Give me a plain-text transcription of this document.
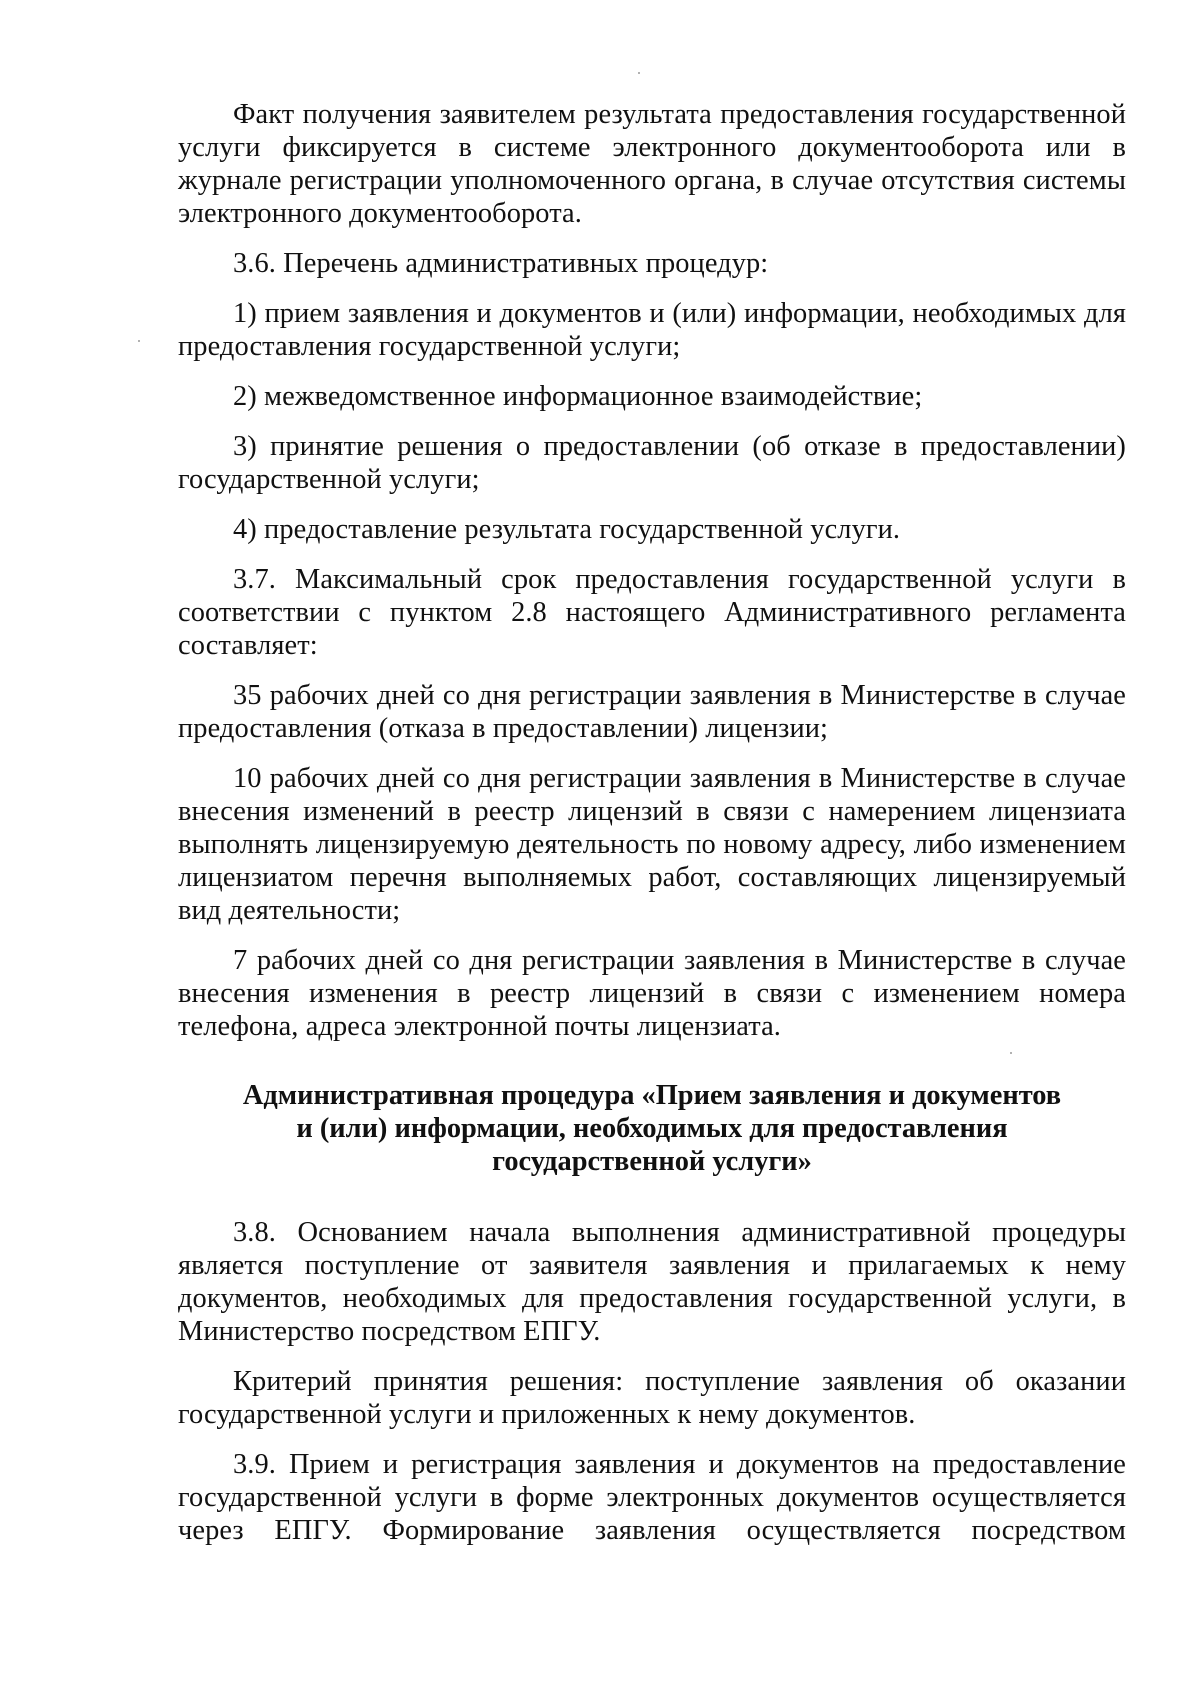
Факт получения заявителем результата предоставления государственной услуги фиксируется в системе электронного документооборота или в журнале регистрации уполномоченного органа, в случае отсутствия системы электронного документооборота.

3.6. Перечень административных процедур:

1) прием заявления и документов и (или) информации, необходимых для предоставления государственной услуги;

2) межведомственное информационное взаимодействие;

3) принятие решения о предоставлении (об отказе в предоставлении) государственной услуги;

4) предоставление результата государственной услуги.

3.7. Максимальный срок предоставления государственной услуги в соответствии с пунктом 2.8 настоящего Административного регламента составляет:

35 рабочих дней со дня регистрации заявления в Министерстве в случае предоставления (отказа в предоставлении) лицензии;

10 рабочих дней со дня регистрации заявления в Министерстве в случае внесения изменений в реестр лицензий в связи с намерением лицензиата выполнять лицензируемую деятельность по новому адресу, либо изменением лицензиатом перечня выполняемых работ, составляющих лицензируемый вид деятельности;

7 рабочих дней со дня регистрации заявления в Министерстве в случае внесения изменения в реестр лицензий в связи с изменением номера телефона, адреса электронной почты лицензиата.

Административная процедура «Прием заявления и документов
и (или) информации, необходимых для предоставления
государственной услуги»

3.8. Основанием начала выполнения административной процедуры является поступление от заявителя заявления и прилагаемых к нему документов, необходимых для предоставления государственной услуги, в Министерство посредством ЕПГУ.

Критерий принятия решения: поступление заявления об оказании государственной услуги и приложенных к нему документов.

3.9. Прием и регистрация заявления и документов на предоставление государственной услуги в форме электронных документов осуществляется через ЕПГУ. Формирование заявления осуществляется посредством
